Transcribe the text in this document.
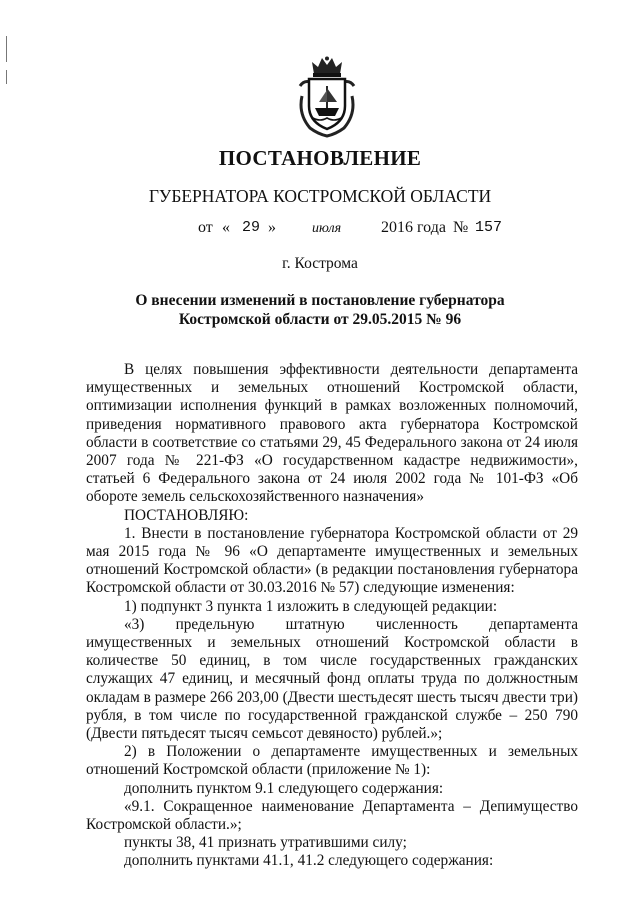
ПОСТАНОВЛЕНИЕ
ГУБЕРНАТОРА КОСТРОМСКОЙ ОБЛАСТИ
от « 29 »	июля 2016 года № 157
г. Кострома
О внесении изменений в постановление губернатора
Костромской области от 29.05.2015 № 96

В целях повышения эффективности деятельности департамента имущественных и земельных отношений Костромской области, оптимизации исполнения функций в рамках возложенных полномочий, приведения нормативного правового акта губернатора Костромской области в соответствие со статьями 29, 45 Федерального закона от 24 июля 2007 года № 221-ФЗ «О государственном кадастре недвижимости», статьей 6 Федерального закона от 24 июля 2002 года № 101-ФЗ «Об обороте земель сельскохозяйственного назначения»

ПОСТАНОВЛЯЮ:

1. Внести в постановление губернатора Костромской области от 29 мая 2015 года № 96 «О департаменте имущественных и земельных отношений Костромской области» (в редакции постановления губернатора Костромской области от 30.03.2016 № 57) следующие изменения:

1) подпункт 3 пункта 1 изложить в следующей редакции:

«3) предельную штатную численность департамента имущественных и земельных отношений Костромской области в количестве 50 единиц, в том числе государственных гражданских служащих 47 единиц, и месячный фонд оплаты труда по должностным окладам в размере 266 203,00 (Двести шестьдесят шесть тысяч двести три) рубля, в том числе по государственной гражданской службе – 250 790 (Двести пятьдесят тысяч семьсот девяносто) рублей.»;

2) в Положении о департаменте имущественных и земельных отношений Костромской области (приложение № 1):

дополнить пунктом 9.1 следующего содержания:

«9.1. Сокращенное наименование Департамента – Депимущество Костромской области.»;

пункты 38, 41 признать утратившими силу;

дополнить пунктами 41.1, 41.2 следующего содержания:
